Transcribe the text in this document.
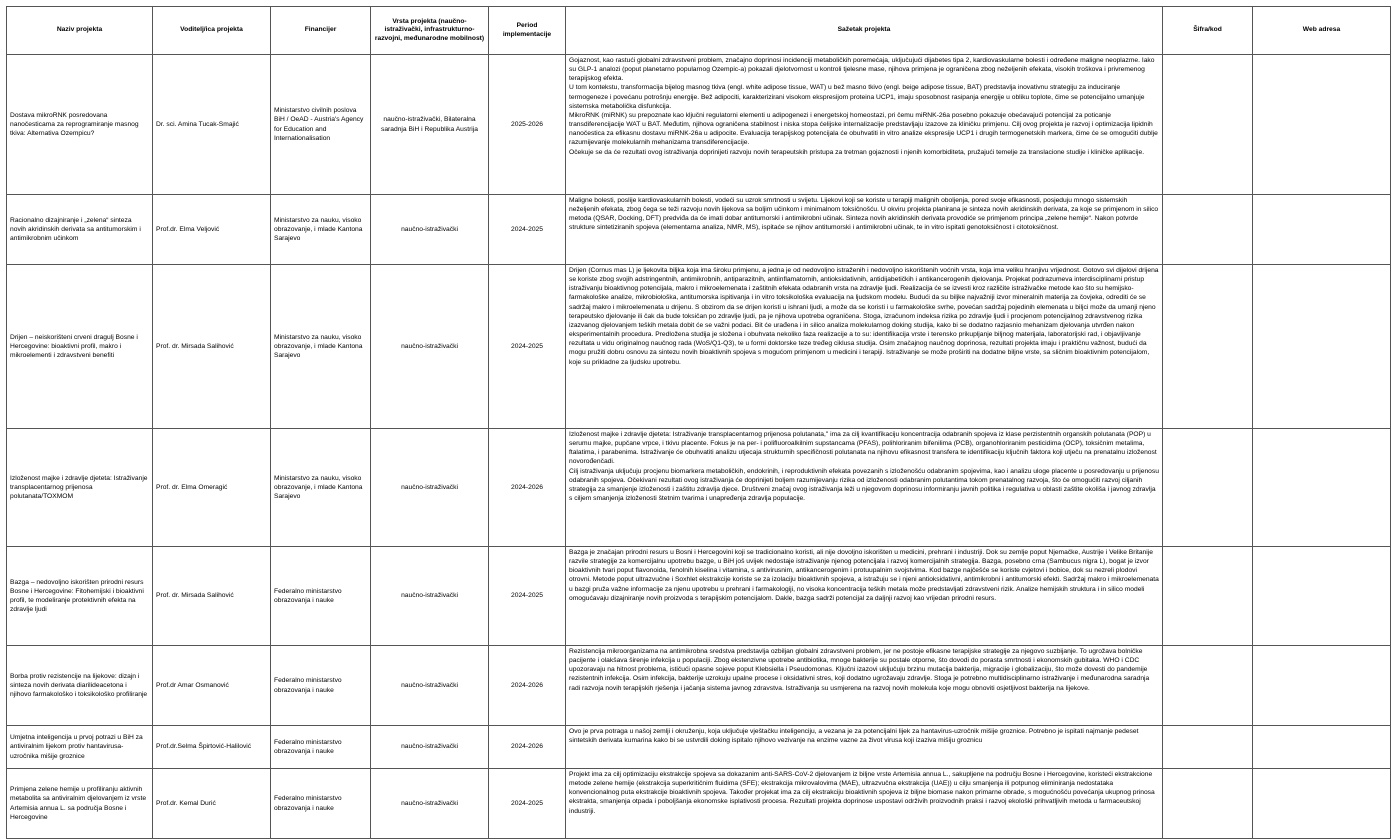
Naziv projekta	Voditelj/ica projekta	Financijer	Vrsta projekta (naučno-istraživački, infrastrukturno-razvojni, međunarodne mobilnost)	Period implementacije	Sažetak projekta	Šifra/kod	Web adresa
Dostava mikroRNK posredovana nanočesticama za reprogramiranje masnog tkiva: Alternativa Ozempicu?	Dr. sci. Amina Tucak-Smajić	Ministarstvo civilnih poslova BiH / OeAD - Austria's Agency for Education and Internationalisation	naučno-istraživački, Bilateralna saradnja BiH i Republika Austrija	2025-2026	Gojaznost, kao rastući globalni zdravstveni problem, značajno doprinosi incidenciji metaboličkih poremećaja, uključujući dijabetes tipa 2, kardiovaskularne bolesti i određene maligne neoplazme. Iako su GLP-1 analozi (poput planetarno popularnog Ozempic-a) pokazali djelotvornost u kontroli tjelesne mase, njihova primjena je ograničena zbog neželjenih efekata, visokih troškova i privremenog terapijskog efekta.
U tom kontekstu, transformacija bijelog masnog tkiva (engl. white adipose tissue, WAT) u bež masno tkivo (engl. beige adipose tissue, BAT) predstavlja inovativnu strategiju za induciranje termogeneze i povećanu potrošnju energije. Bež adipociti, karakterizirani visokom ekspresijom proteina UCP1, imaju sposobnost rasipanja energije u obliku toplote, čime se potencijalno umanjuje sistemska metabolička disfunkcija.
MikroRNK (miRNK) su prepoznate kao ključni regulatorni elementi u adipogenezi i energetskoj homeostazi, pri čemu miRNK-26a posebno pokazuje obećavajući potencijal za poticanje transdiferencijacije WAT u BAT. Međutim, njihova ograničena stabilnost i niska stopa ćelijske internalizacije predstavljaju izazove za kliničku primjenu. Cilj ovog projekta je razvoj i optimizacija lipidnih nanočestica za efikasnu dostavu miRNK-26a u adipocite. Evaluacija terapijskog potencijala će obuhvatiti in vitro analize ekspresije UCP1 i drugih termogenetskih markera, čime će se omogućiti dublje razumijevanje molekularnih mehanizama transdiferencijacije.
Očekuje se da će rezultati ovog istraživanja doprinijeti razvoju novih terapeutskih pristupa za tretman gojaznosti i njenih komorbiditeta, pružajući temelje za translacione studije i kliničke aplikacije.		
Racionalno dizajniranje i „zelena“ sinteza novih akridinskih derivata sa antitumorskim i antimikrobnim učinkom	Prof.dr. Elma Veljović	Ministarstvo za nauku, visoko obrazovanje, i mlade Kantona Sarajevo	naučno-istraživački	2024-2025	Maligne bolesti, poslije kardiovaskularnih bolesti, vodeći su uzrok smrtnosti u svijetu. Lijekovi koji se koriste u terapiji malignih oboljenja, pored svoje efikasnosti, posjeduju mnogo sistemskih neželjenih efekata, zbog čega se teži razvoju novih lijekova sa boljim učinkom i minimalnom toksičnošću. U okviru projekta planirana je sinteza novih akridinskih derivata, za koje se primjenom in silico metoda (QSAR, Docking, DFT) predviđa da će imati dobar antitumorski i antimikrobni učinak. Sinteza novih akridinskih derivata provodiće se primjenom principa „zelene hemije“. Nakon potvrde strukture sintetiziranih spojeva (elementarna analiza, NMR, MS), ispitaće se njihov antitumorski i antimikrobni učinak, te in vitro ispitati genotoksičnost i citotoksičnost.		
Drijen – neiskorišteni crveni dragulj Bosne i Hercegovine: bioaktivni profil, makro i mikroelementi i zdravstveni benefiti	Prof. dr. Mirsada Salihović	Ministarstvo za nauku, visoko obrazovanje, i mlade Kantona Sarajevo	naučno-istraživački	2024-2025	Drijen (Cornus mas L) je ljekovita biljka koja ima široku primjenu, a jedna je od nedovoljno istraženih i nedovoljno iskorištenih voćnih vrsta, koja ima veliku hranjivu vrijednost. Gotovo svi dijelovi drijena se koriste zbog svojih adstringentnih, antimikrobnih, antiparazitnih, antiinflamatornih, antioksidativnih, antidijabetičkih i antikancerogenih djelovanja. Projekat podrazumeva interdisciplinarni pristup istraživanju bioaktivnog potencijala, makro i mikroelemenata i zaštitnih efekata odabranih vrsta na zdravlje ljudi. Realizacija će se izvesti kroz različite istraživačke metode kao što su hemijsko-farmakološke analize, mikrobiološka, antitumorska ispitivanja i in vitro toksikološka evaluacija na ljudskom modelu. Budući da su biljke najvažniji izvor mineralnih materija za čovjeka, odrediti će se sadržaj makro i mikroelemenata u drijenu. S obzirom da se drijen koristi u ishrani ljudi, a može da se koristi i u farmakološke svrhe, povećan sadržaj pojedinih elemenata u biljci može da umanji njeno terapeutsko djelovanje ili čak da bude toksičan po zdravlje ljudi, pa je njihova upotreba ograničena. Stoga, izračunom indeksa rizika po zdravlje ljudi i procjenom potencijalnog zdravstvenog rizika izazvanog djelovanjem teških metala dobit će se važni podaci. Bit će urađena i in silico analiza molekularnog doking studija, kako bi se dodatno razjasnio mehanizam djelovanja utvrđen nakon eksperimentalnih procedura. Predložena studija je složena i obuhvata nekoliko faza realizacije a to su: identifikacija vrste i terensko prikupljanje biljnog materijala, laboratorijski rad, i objavljivanje rezultata u vidu originalnog naučnog rada (WoS/Q1-Q3), te u formi doktorske teze tređeg ciklusa studija. Osim značajnog naučnog doprinosa, rezultati projekta imaju i praktičnu važnost, budući da mogu pružiti dobru osnovu za sintezu novih bioaktivnih spojeva s mogućom primjenom u medicini i terapiji. Istraživanje se može proširiti na dodatne biljne vrste, sa sličnim bioaktivnim potencijalom, koje su prikladne za ljudsku upotrebu.		
Izloženost majke i zdravlje djeteta: Istraživanje transplacentarnog prijenosa polutanata/TOXMOM	Prof. dr. Elma Omeragić	Ministarstvo za nauku, visoko obrazovanje, i mlade Kantona Sarajevo	naučno-istraživački	2024-2026	Izloženost majke i zdravlje djeteta: Istraživanje transplacentarnog prijenosa polutanata," ima za cilj kvantifikaciju koncentracija odabranih spojeva iz klase perzistentnih organskih polutanata (POP) u serumu majke, pupčane vrpce, i tkivu placente. Fokus je na per- i polifluoroalkilnim supstancama (PFAS), polihloriranim bifenilima (PCB), organohloriranim pesticidima (OCP), toksičnim metalima, ftalatima, i parabenima. Istraživanje će obuhvatiti analizu utjecaja strukturnih specifičnosti polutanata na njihovu efikasnost transfera te identifikaciju ključnih faktora koji utječu na prenatalnu izloženost novorođenčadi.
Cilj istraživanja uključuju procjenu biomarkera metaboličkih, endokrinih, i reproduktivnih efekata povezanih s izloženošću odabranim spojevima, kao i analizu uloge placente u posredovanju u prijenosu odabranih spojeva. Očekivani rezultati ovog istraživanja će doprinijeti boljem razumijevanju rizika od izloženosti odabranim polutantima tokom prenatalnog razvoja, što će omogućiti razvoj ciljanih strategija za smanjenje izloženosti i zaštitu zdravlja djece. Društveni značaj ovog istraživanja leži u njegovom doprinosu informiranju javnih politika i regulativa u oblasti zaštite okoliša i javnog zdravlja s ciljem smanjenja izloženosti štetnim tvarima i unapređenja zdravlja populacije.		
Bazga – nedovoljno iskorišten prirodni resurs Bosne i Hercegovine: Fitohemijski i bioaktivni profil, te modeliranje protektivnih efekta na zdravlje ljudi	Prof. dr. Mirsada Salihović	Federalno ministarstvo obrazovanja i nauke	naučno-istraživački	2024-2025	Bazga je značajan prirodni resurs u Bosni i Hercegovini koji se tradicionalno koristi, ali nije dovoljno iskorišten u medicini, prehrani i industriji. Dok su zemlje poput Njemačke, Austrije i Velike Britanije razvile strategije za komercijalnu upotrebu bazge, u BiH još uvijek nedostaje istraživanje njenog potencijala i razvoj komercijalnih strategija. Bazga, posebno crna (Sambucus nigra L), bogat je izvor bioaktivnih tvari poput flavonoida, fenolnih kiselina i vitamina, s antivirusnim, antikancerogenim i protuupalnim svojstvima. Kod bazge najčešće se koriste cvjetovi i bobice, dok su nezreli plodovi otrovni. Metode poput ultrazvučne i Soxhlet ekstrakcije koriste se za izolaciju bioaktivnih spojeva, a istražuju se i njeni antioksidativni, antimikrobni i antitumorski efekti. Sadržaj makro i mikroelemenata u bazgi pruža važne informacije za njenu upotrebu u prehrani i farmakologiji, no visoka koncentracija teških metala može predstavljati zdravstveni rizik. Analize hemijskih struktura i in silico modeli omogućavaju dizajniranje novih proizvoda s terapijskim potencijalom. Dakle, bazga sadrži potencijal za daljnji razvoj kao vrijedan prirodni resurs.		
Borba protiv rezistencije na lijekove: dizajn i sinteza novih derivata diarilideacetona i njihovo farmakološko i toksikološko profiliranje	Prof.dr Amar Osmanović	Federalno ministarstvo obrazovanja i nauke	naučno-istraživački	2024-2026	Rezistencija mikroorganizama na antimikrobna sredstva predstavlja ozbiljan globalni zdravstveni problem, jer ne postoje efikasne terapijske strategije za njegovo suzbijanje. To ugrožava bolničke pacijente i olakšava širenje infekcija u populaciji. Zbog ekstenzivne upotrebe antibiotika, mnoge bakterije su postale otporne, što dovodi do porasta smrtnosti i ekonomskih gubitaka. WHO i CDC upozoravaju na hitnost problema, ističući opasne sojeve poput Klebsiella i Pseudomonas. Ključni izazovi uključuju brzinu mutacija bakterija, migracije i globalizaciju, što može dovesti do pandemije rezistentnih infekcija. Osim infekcija, bakterije uzrokuju upalne procese i oksidativni stres, koji dodatno ugrožavaju zdravlje. Stoga je potrebno multidisciplinarno istraživanje i međunarodna saradnja radi razvoja novih terapijskih rješenja i jačanja sistema javnog zdravstva. Istraživanja su usmjerena na razvoj novih molekula koje mogu obnoviti osjetljivost bakterija na lijekove.		
Umjetna inteligencija u prvoj potrazi u BiH za antiviralnim lijekom protiv hantavirusa-uzročnika mišije groznice	Prof.dr.Selma Špirtović-Halilović	Federalno ministarstvo obrazovanja i nauke	naučno-istraživački	2024-2026	Ovo je prva potraga u našoj zemlji i okruženju, koja uključuje vještačku inteligenciju, a vezana je za potencijalni lijek za hantavirus-uzročnik mišije groznice. Potrebno je ispitati najmanje pedeset sintetskih derivata kumarina kako bi se ustvrdili doking ispitalo njihovo vezivanje na enzime vazne za život virusa koji izaziva mišiju groznicu		
Primjena zelene hemije u profiliranju aktivnih metabolita sa antiviralnim djelovanjem iz vrste Artemisia annua L. sa područja Bosne i Hercegovine	Prof.dr. Kemal Durić	Federalno ministarstvo obrazovanja i nauke	naučno-istraživački	2024-2025	Projekt ima za cilj optimizaciju ekstrakcije spojeva sa dokazanim anti-SARS-CoV-2 djelovanjem iz biljne vrste Artemisia annua L., sakupljene na području Bosne i Hercegovine, koristeći ekstrakcione metode zelene hemije (ekstrakcija superkritičnim fluidima (SFE); ekstrakcija mikrovalovima (MAE), ultrazvučna ekstrakcija (UAE)) u cilju smanjenja ili potpunog eliminiranja nedostataka konvencionalnog puta ekstrakcije bioaktivnih spojeva. Također projekat ima za cilj ekstrakciju bioaktivnih spojeva iz biljne biomase nakon primarne obrade, s mogućnošću povećanja ukupnog prinosa ekstrakta, smanjenja otpada i poboljšanja ekonomske isplativosti procesa. Rezultati projekta doprinose uspostavi održivih proizvodnih praksi i razvoj ekološki prihvatljivih metoda u farmaceutskoj industriji.		
